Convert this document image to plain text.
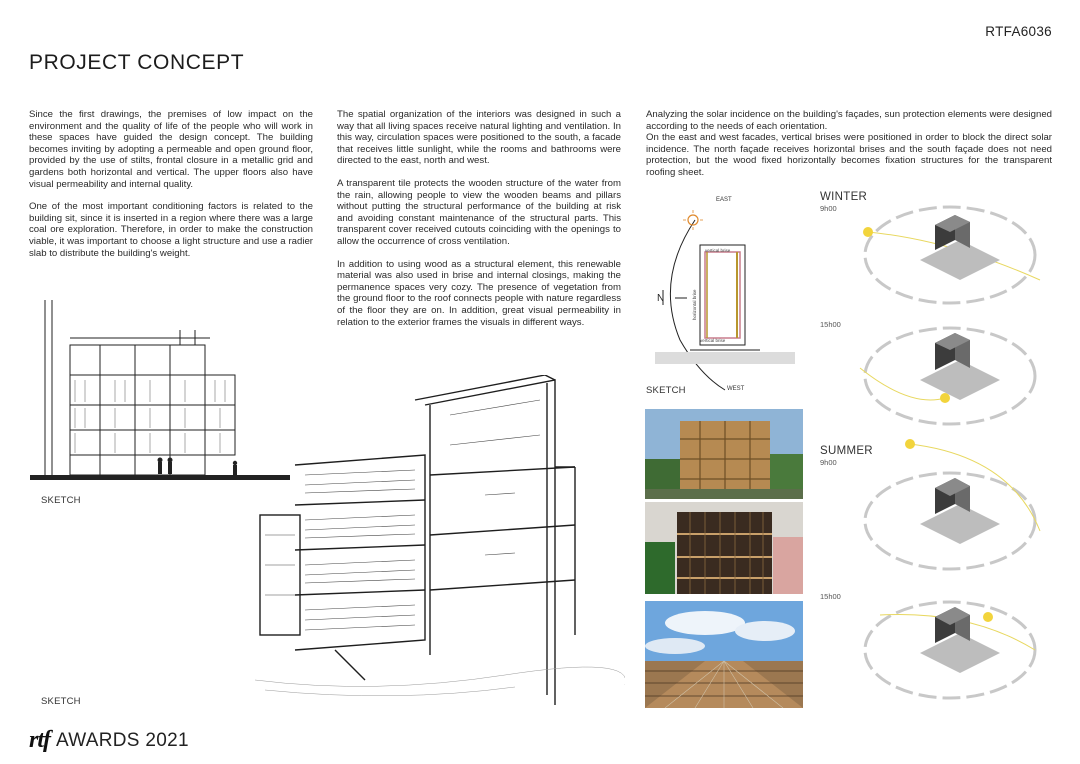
RTFA6036
PROJECT CONCEPT

Since the first drawings, the premises of low impact on the environment and the quality of life of the people who will work in these spaces have guided the design concept. The building becomes inviting by adopting a permeable and open ground floor, provided by the use of stilts, frontal closure in a metallic grid and gardens both horizontal and vertical. The upper floors also have visual permeability and internal quality.

One of the most important conditioning factors is related to the building sit, since it is inserted in a region where there was a large coal ore exploration. Therefore, in order to make the construction viable, it was important to choose a light structure and use a radier slab to distribute the building's weight.

The spatial organization of the interiors was designed in such a way that all living spaces receive natural lighting and ventilation. In this way, circulation spaces were positioned to the south, a facade that receives little sunlight, while the rooms and bathrooms were directed to the east, north and west.

A transparent tile protects the wooden structure of the water from the rain, allowing people to view the wooden beams and pillars without putting the structural performance of the building at risk and avoiding constant maintenance of the structural parts. This transparent cover received cutouts coinciding with the openings to allow the occurrence of cross ventilation.

In addition to using wood as a structural element, this renewable material was also used in brise and internal closings, making the permanence spaces very cozy. The presence of vegetation from the ground floor to the roof connects people with nature regardless of the floor they are on. In addition, great visual permeability in relation to the exterior frames the visuals in different ways.

Analyzing the solar incidence on the building's façades, sun protection elements were designed according to the needs of each orientation.

On the east and west facades, vertical brises were positioned in order to block the direct solar incidence. The north façade receives horizontal brises and the south façade does not need protection, but the wood fixed horizontally becomes fixation structures for the transparent roofing sheet.

SKETCH
SKETCH
N
EAST
WEST
vertical brise
vertical brise
horizontal brise
SKETCH
WINTER
9h00
15h00
SUMMER
9h00
15h00
rtf AWARDS 2021
